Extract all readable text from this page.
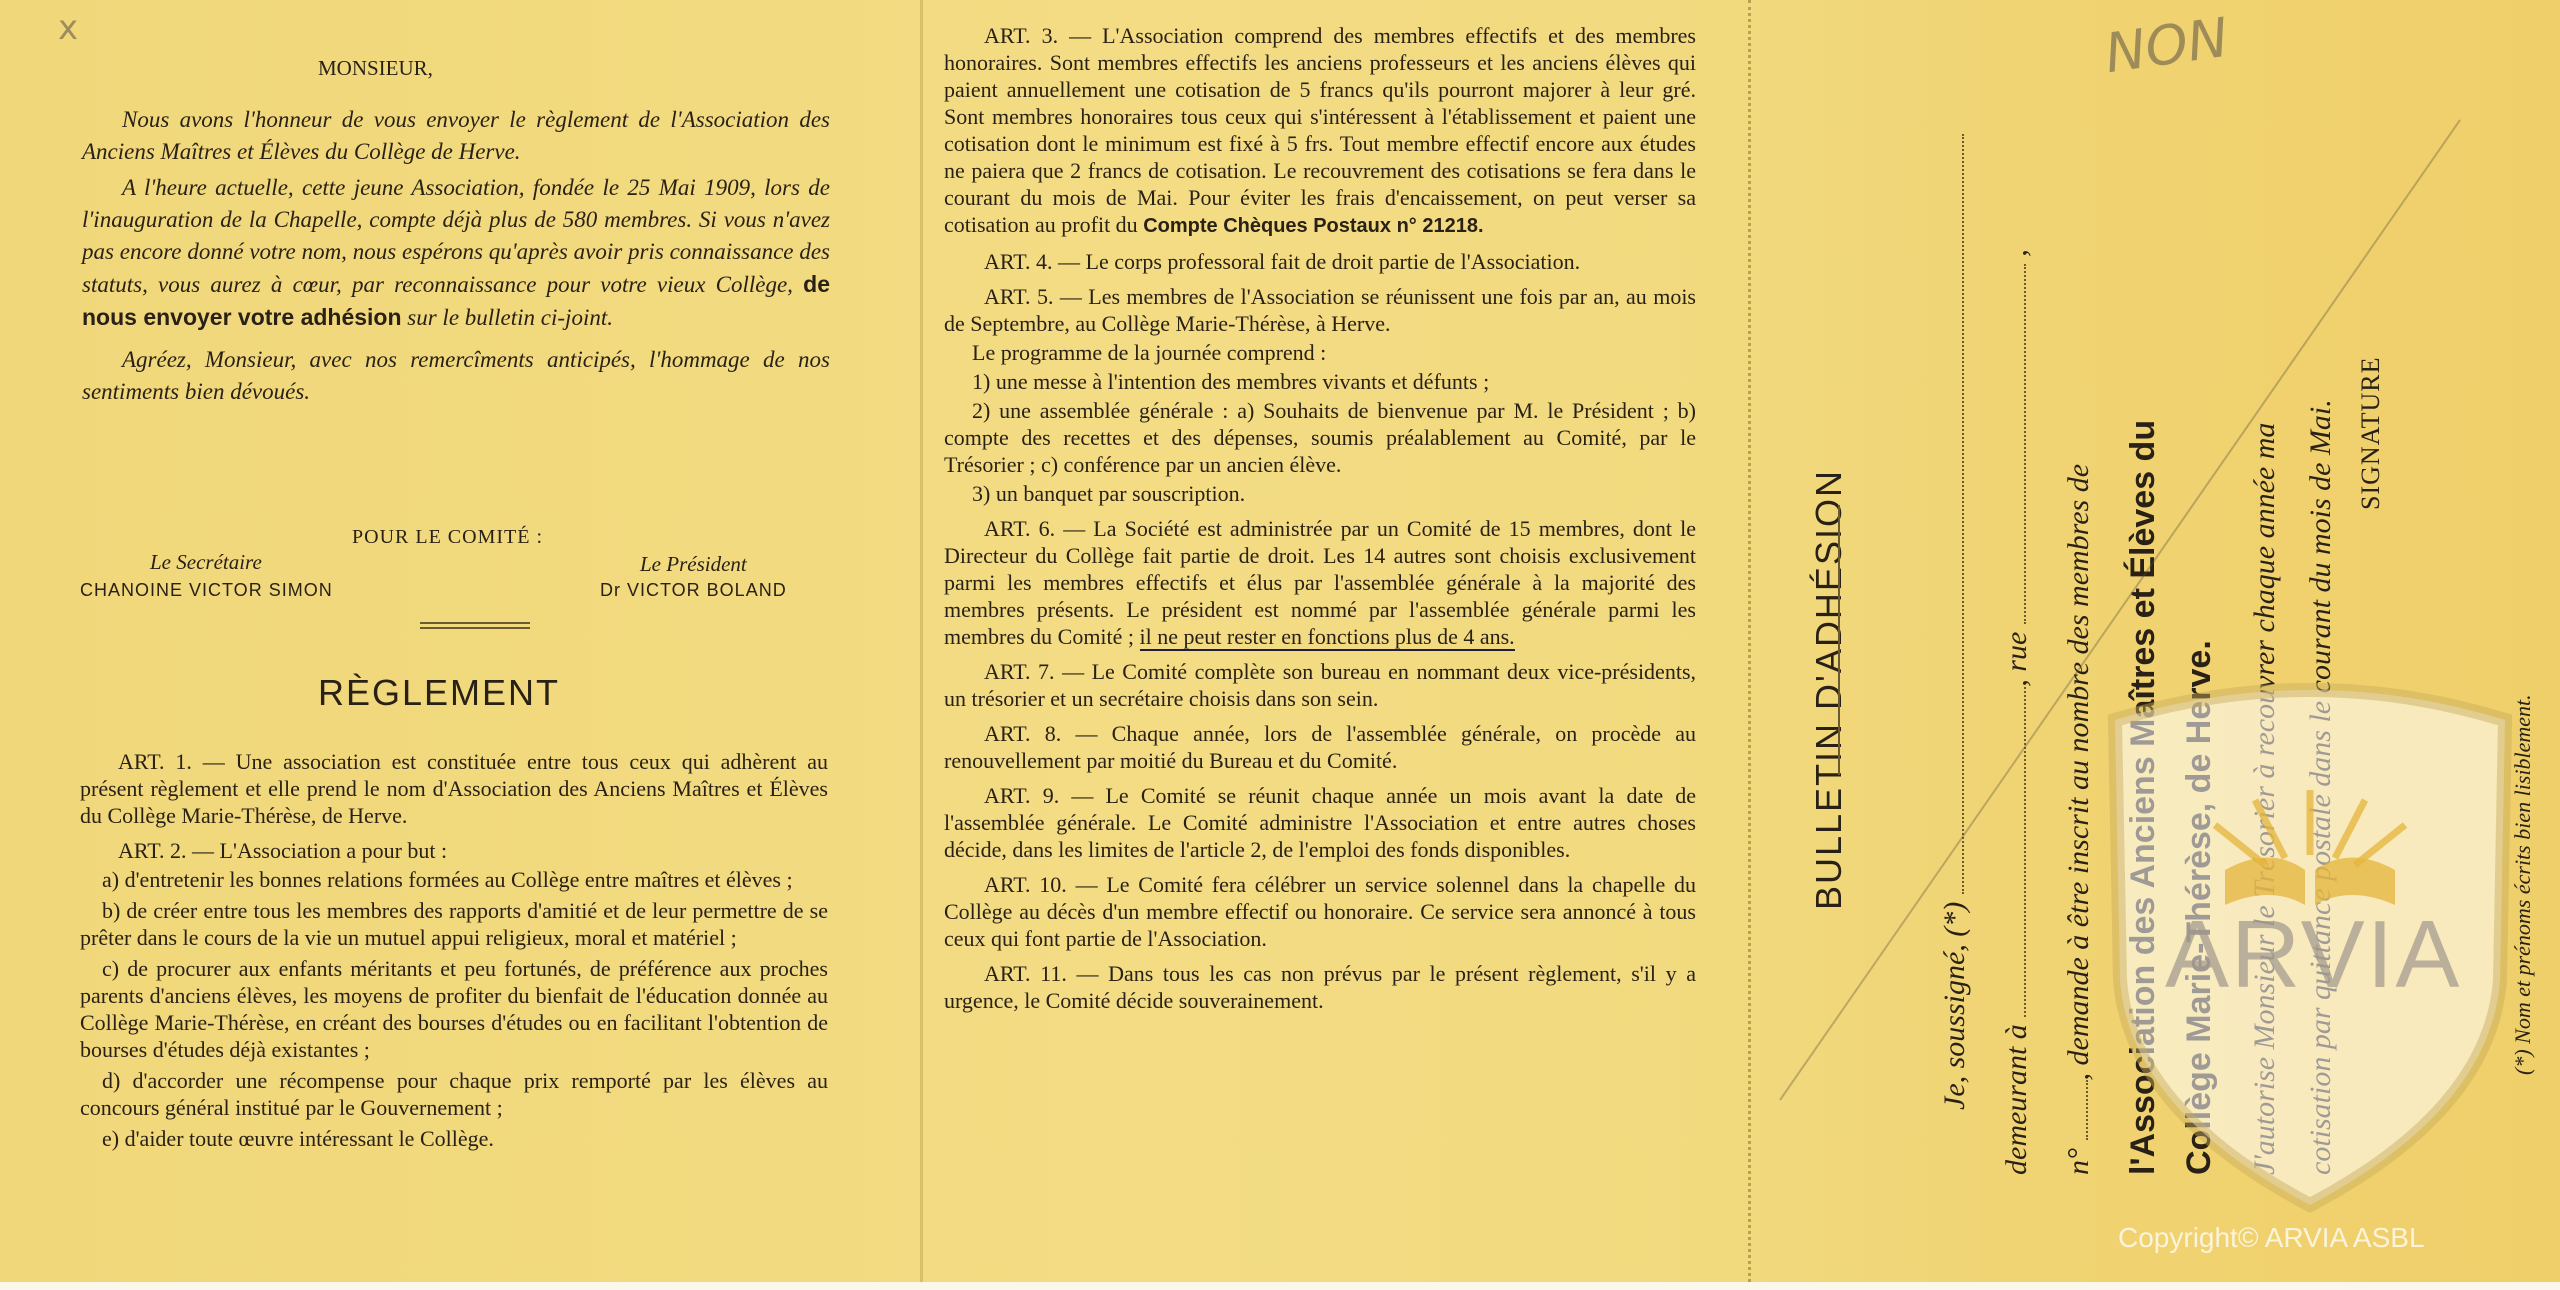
x	NON
MONSIEUR,

Nous avons l'honneur de vous envoyer le règlement de l'Association des Anciens Maîtres et Élèves du Collège de Herve.

A l'heure actuelle, cette jeune Association, fondée le 25 Mai 1909, lors de l'inauguration de la Chapelle, compte déjà plus de 580 membres. Si vous n'avez pas encore donné votre nom, nous espérons qu'après avoir pris connaissance des statuts, vous aurez à cœur, par reconnaissance pour votre vieux Collège, de nous envoyer votre adhésion sur le bulletin ci-joint.

Agréez, Monsieur, avec nos remercîments anticipés, l'hommage de nos sentiments bien dévoués.

POUR LE COMITÉ :
Le Secrétaire	Le Président
CHANOINE VICTOR SIMON	Dr VICTOR BOLAND
RÈGLEMENT

ART. 1. — Une association est constituée entre tous ceux qui adhèrent au présent règlement et elle prend le nom d'Association des Anciens Maîtres et Élèves du Collège Marie-Thérèse, de Herve.

ART. 2. — L'Association a pour but :

a) d'entretenir les bonnes relations formées au Collège entre maîtres et élèves ;

b) de créer entre tous les membres des rapports d'amitié et de leur permettre de se prêter dans le cours de la vie un mutuel appui religieux, moral et matériel ;

c) de procurer aux enfants méritants et peu fortunés, de préférence aux proches parents d'anciens élèves, les moyens de profiter du bienfait de l'éducation donnée au Collège Marie-Thérèse, en créant des bourses d'études ou en facilitant l'obtention de bourses d'études déjà existantes ;

d) d'accorder une récompense pour chaque prix remporté par les élèves au concours général institué par le Gouvernement ;

e) d'aider toute œuvre intéressant le Collège.

ART. 3. — L'Association comprend des membres effectifs et des membres honoraires. Sont membres effectifs les anciens professeurs et les anciens élèves qui paient annuellement une cotisation de 5 francs qu'ils pourront majorer à leur gré. Sont membres honoraires tous ceux qui s'intéressent à l'établissement et paient une cotisation dont le minimum est fixé à 5 frs. Tout membre effectif encore aux études ne paiera que 2 francs de cotisation. Le recouvrement des cotisations se fera dans le courant du mois de Mai. Pour éviter les frais d'encaissement, on peut verser sa cotisation au profit du Compte Chèques Postaux n° 21218.

ART. 4. — Le corps professoral fait de droit partie de l'Association.

ART. 5. — Les membres de l'Association se réunissent une fois par an, au mois de Septembre, au Collège Marie-Thérèse, à Herve.

Le programme de la journée comprend :

1) une messe à l'intention des membres vivants et défunts ;

2) une assemblée générale : a) Souhaits de bienvenue par M. le Président ; b) compte des recettes et des dépenses, soumis préalablement au Comité, par le Trésorier ; c) conférence par un ancien élève.

3) un banquet par souscription.

ART. 6. — La Société est administrée par un Comité de 15 membres, dont le Directeur du Collège fait partie de droit. Les 14 autres sont choisis exclusivement parmi les membres effectifs et élus par l'assemblée générale à la majorité des membres présents. Le président est nommé par l'assemblée générale parmi les membres du Comité ; il ne peut rester en fonctions plus de 4 ans.

ART. 7. — Le Comité complète son bureau en nommant deux vice-présidents, un trésorier et un secrétaire choisis dans son sein.

ART. 8. — Chaque année, lors de l'assemblée générale, on procède au renouvellement par moitié du Bureau et du Comité.

ART. 9. — Le Comité se réunit chaque année un mois avant la date de l'assemblée générale. Le Comité administre l'Association et entre autres choses décide, dans les limites de l'article 2, de l'emploi des fonds disponibles.

ART. 10. — Le Comité fera célébrer un service solennel dans la chapelle du Collège au décès d'un membre effectif ou honoraire. Ce service sera annoncé à tous ceux qui font partie de l'Association.

ART. 11. — Dans tous les cas non prévus par le présent règlement, s'il y a urgence, le Comité décide souverainement.

BULLETIN D'ADHÉSION
Je, soussigné, (*) demeurant à , rue  ,
n° , demande à être inscrit au nombre des membres de
SIGNATURE
(*) Nom et prénoms écrits bien lisiblement.
ARVIA
Copyright© ARVIA ASBL
